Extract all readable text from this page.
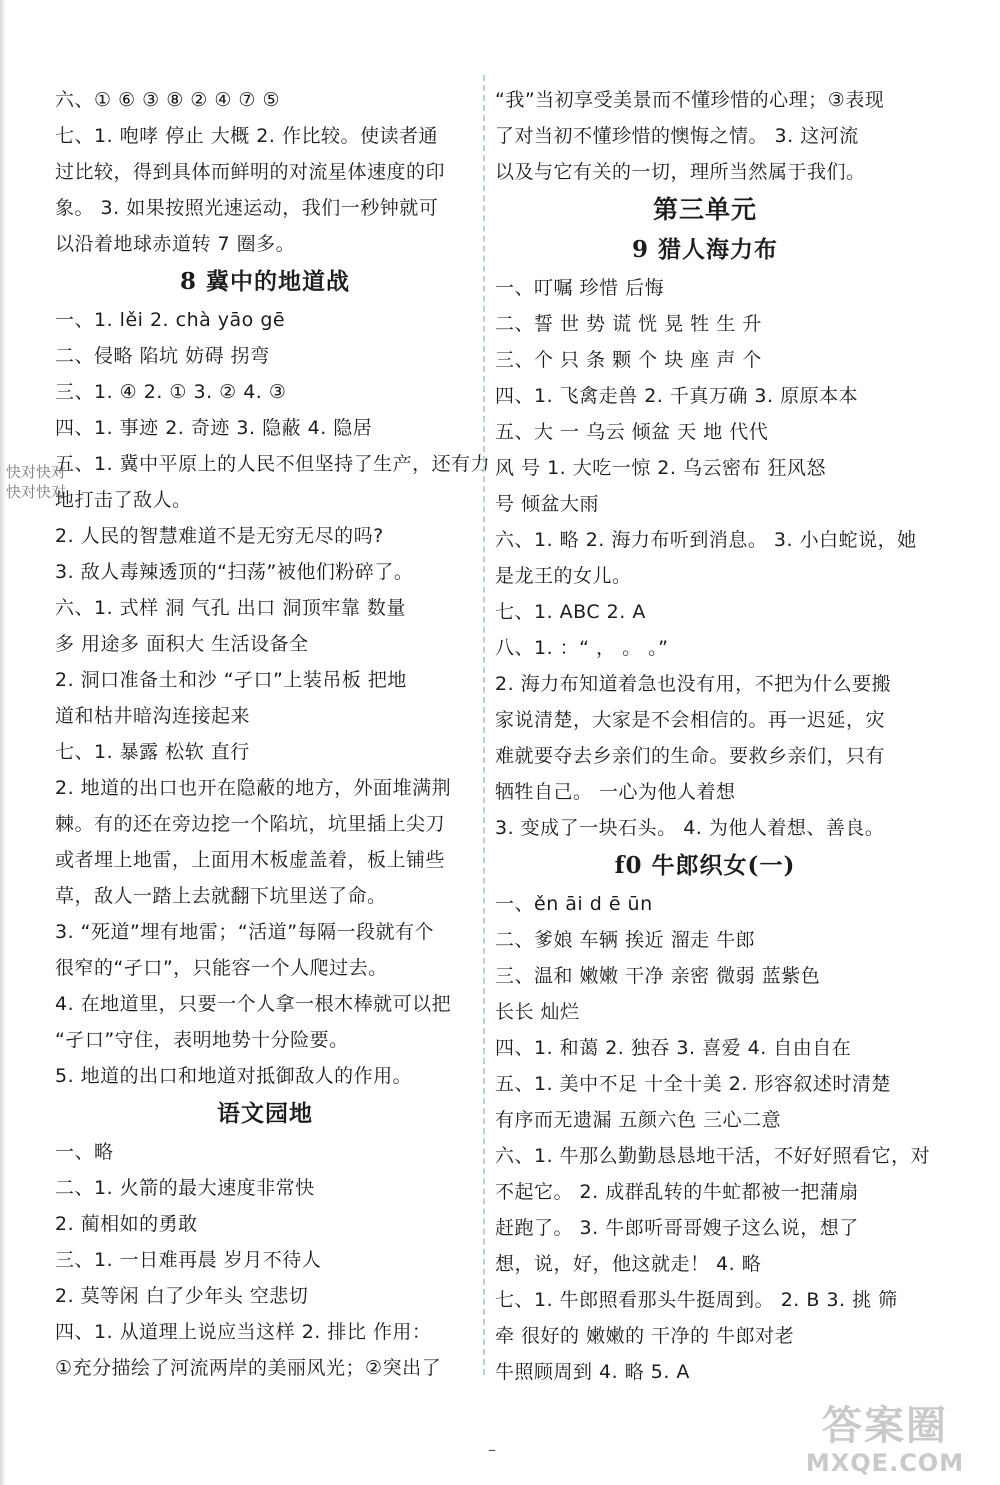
六、① ⑥ ③ ⑧ ② ④ ⑦ ⑤
七、1. 咆哮 停止 大概 2. 作比较。使读者通
过比较，得到具体而鲜明的对流星体速度的印
象。 3. 如果按照光速运动，我们一秒钟就可
以沿着地球赤道转 7 圈多。
8 冀中的地道战
一、1. lěi 2. chà yāo gē
二、侵略 陷坑 妨碍 拐弯
三、1. ④ 2. ① 3. ② 4. ③
四、1. 事迹 2. 奇迹 3. 隐蔽 4. 隐居
五、1. 冀中平原上的人民不但坚持了生产，还有力
地打击了敌人。
2. 人民的智慧难道不是无穷无尽的吗?
3. 敌人毒辣透顶的“扫荡”被他们粉碎了。
六、1. 式样 洞 气孔 出口 洞顶牢靠 数量
多 用途多 面积大 生活设备全
2. 洞口准备土和沙 “孑口”上装吊板 把地
道和枯井暗沟连接起来
七、1. 暴露 松软 直行
2. 地道的出口也开在隐蔽的地方，外面堆满荆
棘。有的还在旁边挖一个陷坑，坑里插上尖刀
或者埋上地雷，上面用木板虚盖着，板上铺些
草，敌人一踏上去就翻下坑里送了命。
3. “死道”埋有地雷；“活道”每隔一段就有个
很窄的“孑口”，只能容一个人爬过去。
4. 在地道里，只要一个人拿一根木棒就可以把
“孑口”守住，表明地势十分险要。
5. 地道的出口和地道对抵御敌人的作用。
语文园地
一、略
二、1. 火箭的最大速度非常快
2. 蔺相如的勇敢
三、1. 一日难再晨 岁月不待人
2. 莫等闲 白了少年头 空悲切
四、1. 从道理上说应当这样 2. 排比 作用：
①充分描绘了河流两岸的美丽风光；②突出了
“我”当初享受美景而不懂珍惜的心理；③表现
了对当初不懂珍惜的懊悔之情。 3. 这河流
以及与它有关的一切，理所当然属于我们。
第三单元
9 猎人海力布
一、叮嘱 珍惜 后悔
二、誓 世 势 谎 恍 晃 牲 生 升
三、个 只 条 颗 个 块 座 声 个
四、1. 飞禽走兽 2. 千真万确 3. 原原本本
五、大 一 乌云 倾盆 天 地 代代
风 号 1. 大吃一惊 2. 乌云密布 狂风怒
号 倾盆大雨
六、1. 略 2. 海力布听到消息。 3. 小白蛇说，她
是龙王的女儿。
七、1. ABC 2. A
八、1. ：“ ， 。 。”
2. 海力布知道着急也没有用，不把为什么要搬
家说清楚，大家是不会相信的。再一迟延，灾
难就要夺去乡亲们的生命。要救乡亲们，只有
牺牲自己。 一心为他人着想
3. 变成了一块石头。 4. 为他人着想、善良。
f0 牛郎织女(一)
一、ěn āi d ē ūn
二、爹娘 车辆 挨近 溜走 牛郎
三、温和 嫩嫩 干净 亲密 微弱 蓝紫色
长长 灿烂
四、1. 和蔼 2. 独吞 3. 喜爱 4. 自由自在
五、1. 美中不足 十全十美 2. 形容叙述时清楚
有序而无遗漏 五颜六色 三心二意
六、1. 牛那么勤勤恳恳地干活，不好好照看它，对
不起它。 2. 成群乱转的牛虻都被一把蒲扇
赶跑了。 3. 牛郎听哥哥嫂子这么说，想了
想，说，好，他这就走！ 4. 略
七、1. 牛郎照看那头牛挺周到。 2. B 3. 挑 筛
牵 很好的 嫩嫩的 干净的 牛郎对老
牛照顾周到 4. 略 5. A
快对快对
快对快对
–
答案圈
MXQE.COM
